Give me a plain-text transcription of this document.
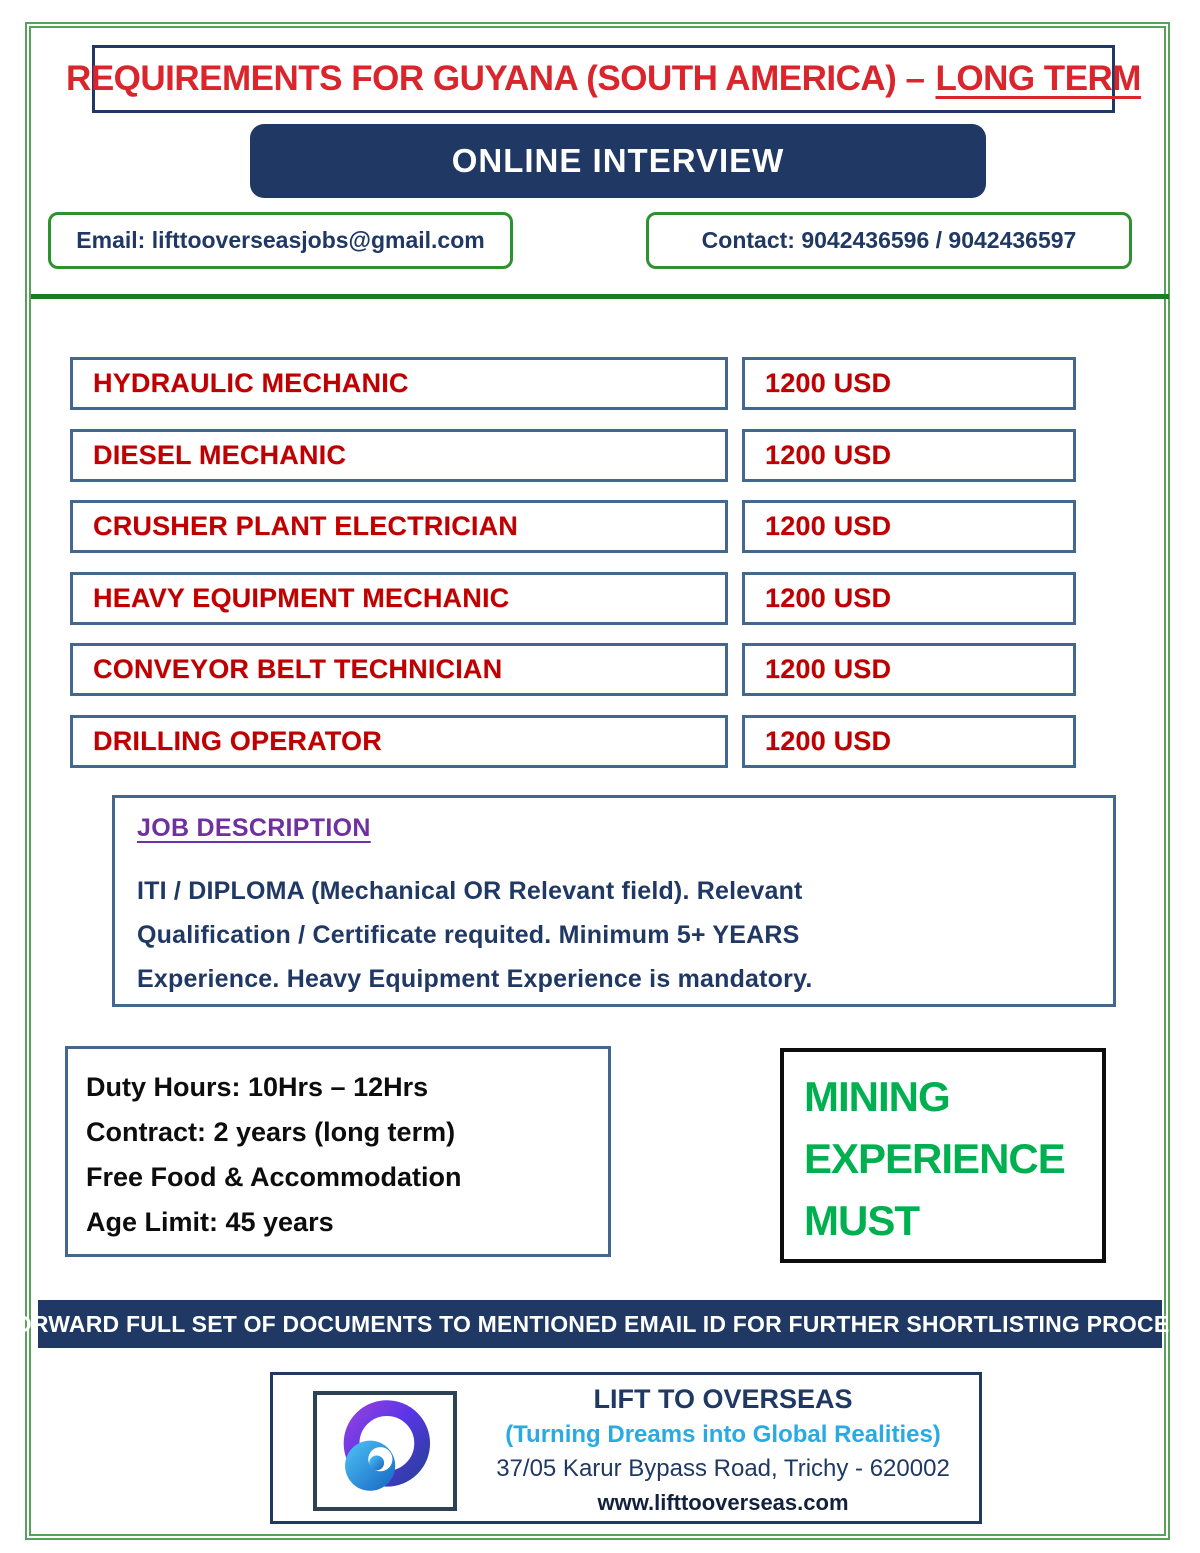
REQUIREMENTS FOR GUYANA (SOUTH AMERICA) – LONG TERM
ONLINE INTERVIEW
Email: lifttooverseasjobs@gmail.com	Contact: 9042436596 / 9042436597
HYDRAULIC MECHANIC	1200 USD
DIESEL MECHANIC	1200 USD
CRUSHER PLANT ELECTRICIAN	1200 USD
HEAVY EQUIPMENT MECHANIC	1200 USD
CONVEYOR BELT TECHNICIAN	1200 USD
DRILLING OPERATOR	1200 USD
JOB DESCRIPTION
ITI / DIPLOMA (Mechanical OR Relevant field). Relevant
Qualification / Certificate requited. Minimum 5+ YEARS
Experience. Heavy Equipment Experience is mandatory.
Duty Hours: 10Hrs – 12Hrs
Contract: 2 years (long term)
Free Food & Accommodation
Age Limit: 45 years
MINING
EXPERIENCE
MUST
FORWARD FULL SET OF DOCUMENTS TO MENTIONED EMAIL ID FOR FURTHER SHORTLISTING PROCESS
LIFT TO OVERSEAS
(Turning Dreams into Global Realities)
37/05 Karur Bypass Road, Trichy - 620002
www.lifttooverseas.com
